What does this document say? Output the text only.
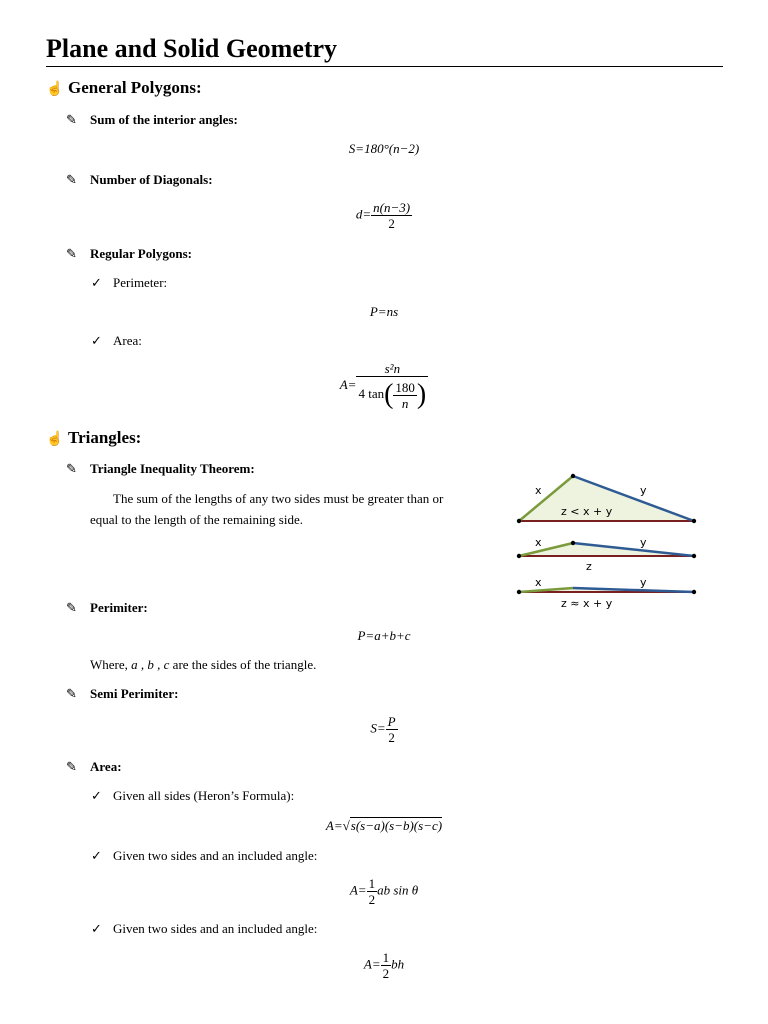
Plane and Solid Geometry
☝ General Polygons:
✎ Sum of the interior angles:
S=180°(n−2)
✎ Number of Diagonals:
$d= \frac{n(n-3)}{2}$
✎ Regular Polygons:
✓ Perimeter:
P=ns
✓ Area:
$A= \frac{\text{s²n}}{4 \tan( \frac{180}{n} )}$
☝ Triangles:
✎ Triangle Inequality Theorem:
The sum of the lengths of any two sides must be greater than or
equal to the length of the remaining side.
x	y
z < x + y
x	y
z
x	y
z ≈ x + y
✎ Perimiter:
P=a+b+c
Where, a , b , c are the sides of the triangle.
✎ Semi Perimiter:
$S= \frac{P}{2}$
✎ Area:
✓ Given all sides (Heron’s Formula):
A=√s(s−a)(s−b)(s−c)
✓ Given two sides and an included angle:
$A= \frac{1}{2}$ ab sin θ
✓ Given two sides and an included angle:
$A= \frac{1}{2}$ bh
